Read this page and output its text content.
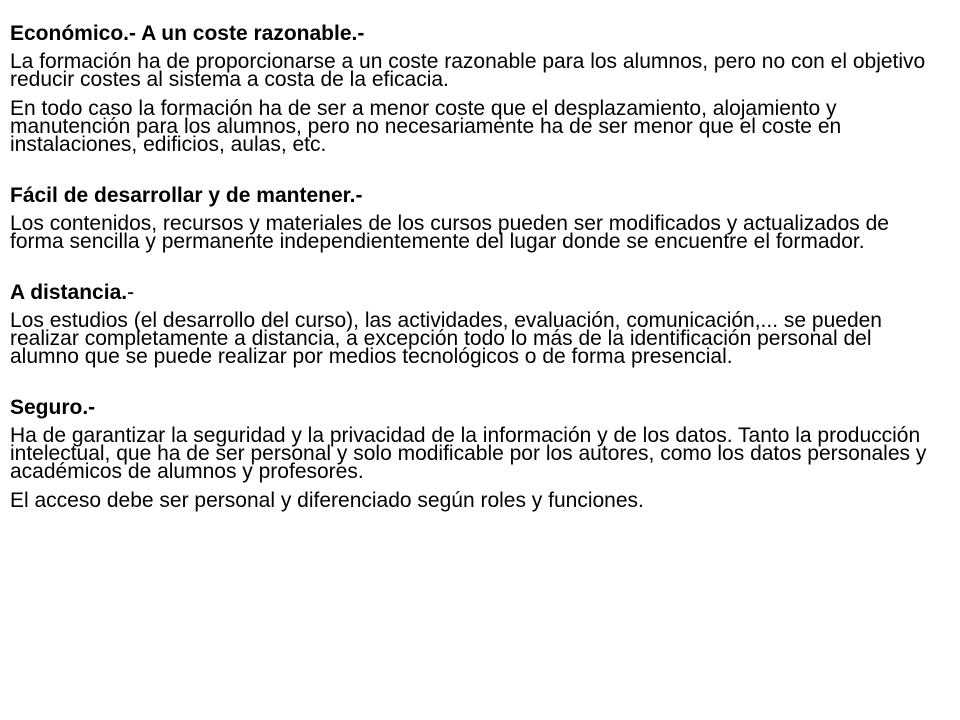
Económico.- A un coste razonable.-

La formación ha de proporcionarse a un coste razonable para los alumnos, pero no con el objetivo reducir costes al sistema a costa de la eficacia.

En todo caso la formación ha de ser a menor coste que el desplazamiento, alojamiento y manutención para los alumnos, pero no necesariamente ha de ser menor que el coste en instalaciones, edificios, aulas, etc.

Fácil de desarrollar y de mantener.-

Los contenidos, recursos y materiales de los cursos pueden ser modificados y actualizados de forma sencilla y permanente independientemente del lugar donde se encuentre el formador.

A distancia.-

Los estudios (el desarrollo del curso), las actividades, evaluación, comunicación,... se pueden realizar completamente a distancia, a excepción todo lo más de la identificación personal del alumno que se puede realizar por medios tecnológicos o de forma presencial.

Seguro.-

Ha de garantizar la seguridad y la privacidad de la información y de los datos. Tanto la producción intelectual, que ha de ser personal y solo modificable por los autores, como los datos personales y académicos de alumnos y profesores.

El acceso debe ser personal y diferenciado según roles y funciones.
